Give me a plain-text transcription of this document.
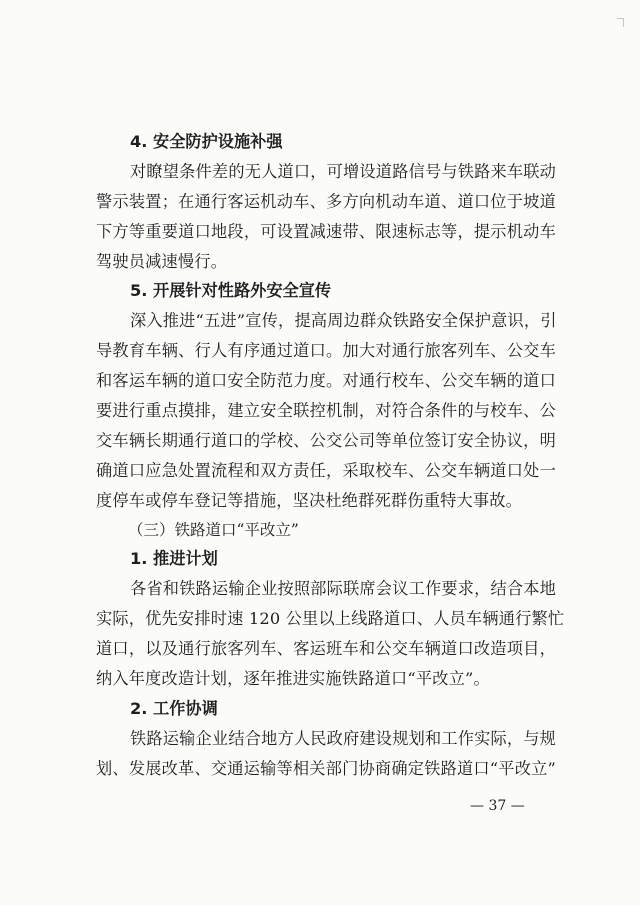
4. 安全防护设施补强
对瞭望条件差的无人道口，可增设道路信号与铁路来车联动
警示装置；在通行客运机动车、多方向机动车道、道口位于坡道
下方等重要道口地段，可设置减速带、限速标志等，提示机动车
驾驶员减速慢行。
5. 开展针对性路外安全宣传
深入推进“五进”宣传，提高周边群众铁路安全保护意识，引
导教育车辆、行人有序通过道口。加大对通行旅客列车、公交车
和客运车辆的道口安全防范力度。对通行校车、公交车辆的道口
要进行重点摸排，建立安全联控机制，对符合条件的与校车、公
交车辆长期通行道口的学校、公交公司等单位签订安全协议，明
确道口应急处置流程和双方责任，采取校车、公交车辆道口处一
度停车或停车登记等措施，坚决杜绝群死群伤重特大事故。
（三）铁路道口“平改立”
1. 推进计划
各省和铁路运输企业按照部际联席会议工作要求，结合本地
实际，优先安排时速 120 公里以上线路道口、人员车辆通行繁忙
道口，以及通行旅客列车、客运班车和公交车辆道口改造项目，
纳入年度改造计划，逐年推进实施铁路道口“平改立”。
2. 工作协调
铁路运输企业结合地方人民政府建设规划和工作实际，与规
划、发展改革、交通运输等相关部门协商确定铁路道口“平改立”
— 37 —
